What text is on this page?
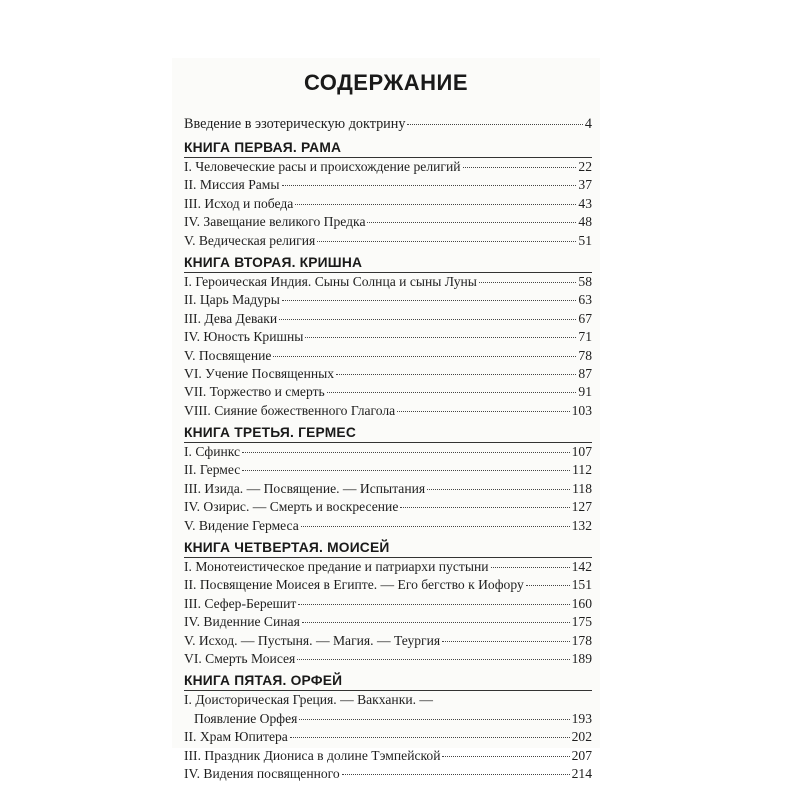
СОДЕРЖАНИЕ
Введение в эзотерическую доктрину	4
КНИГА ПЕРВАЯ. РАМА
I. Человеческие расы и происхождение религий	22
II. Миссия Рамы	37
III. Исход и победа	43
IV. Завещание великого Предка	48
V. Ведическая религия	51
КНИГА ВТОРАЯ. КРИШНА
I. Героическая Индия. Сыны Солнца и сыны Луны	58
II. Царь Мадуры	63
III. Дева Деваки	67
IV. Юность Кришны	71
V. Посвящение	78
VI. Учение Посвященных	87
VII. Торжество и смерть	91
VIII. Сияние божественного Глагола	103
КНИГА ТРЕТЬЯ. ГЕРМЕС
I. Сфинкс	107
II. Гермес	112
III. Изида. — Посвящение. — Испытания	118
IV. Озирис. — Смерть и воскресение	127
V. Видение Гермеса	132
КНИГА ЧЕТВЕРТАЯ. МОИСЕЙ
I. Монотеистическое предание и патриархи пустыни	142
II. Посвящение Моисея в Египте. — Его бегство к Иофору	151
III. Сефер-Берешит	160
IV. Виденние Синая	175
V. Исход. — Пустыня. — Магия. — Теургия	178
VI. Смерть Моисея	189
КНИГА ПЯТАЯ. ОРФЕЙ
I. Доисторическая Греция. — Вакханки. —
Появление Орфея	193
II. Храм Юпитера	202
III. Праздник Диониса в долине Тэмпейской	207
IV. Видения посвященного	214
